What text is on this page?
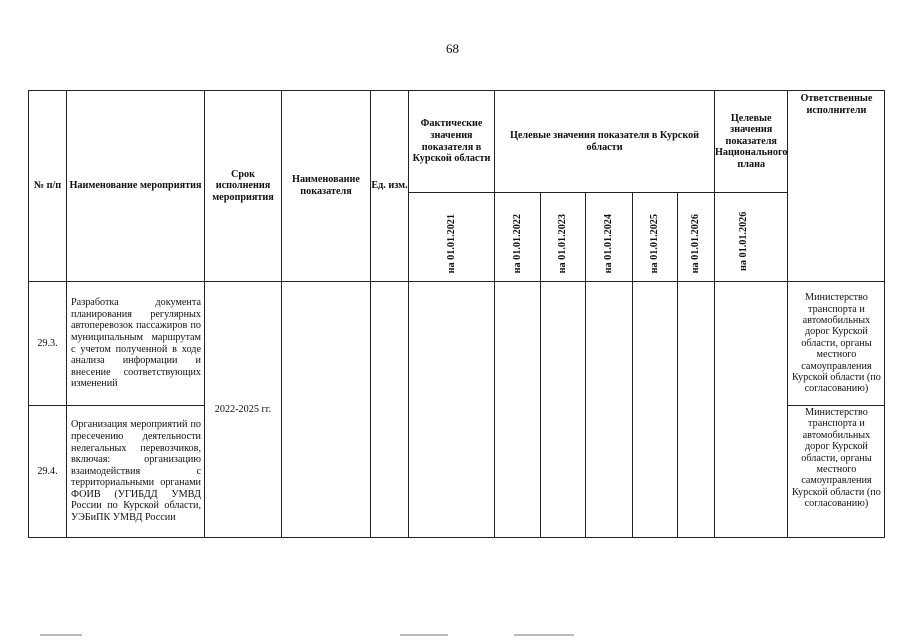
68
№ п/п	Наименование мероприятия	Срок исполнения мероприятия	Наименование показателя	Ед. изм.	Фактические значения показателя в Курской области	Целевые значения показателя в Курской области					Целевые значения показателя Национального плана	Ответственные исполнители
					на 01.01.2021	на 01.01.2022	на 01.01.2023	на 01.01.2024	на 01.01.2025	на 01.01.2026	на 01.01.2026	
29.3.	Разработка документа планирования регулярных автоперевозок пассажиров по муниципальным маршрутам с учетом полученной в ходе анализа информации и внесение соответствующих изменений	2022-2025 гг.										Министерство транспорта и автомобильных дорог Курской области, органы местного самоуправления Курской области (по согласованию)
29.4.	Организация мероприятий по пресечению деятельности нелегальных перевозчиков, включая: организацию взаимодействия с территориальными органами ФОИВ (УГИБДД УМВД России по Курской области, УЭБиПК УМВД России											Министерство транспорта и автомобильных дорог Курской области, органы местного самоуправления Курской области (по согласованию)
